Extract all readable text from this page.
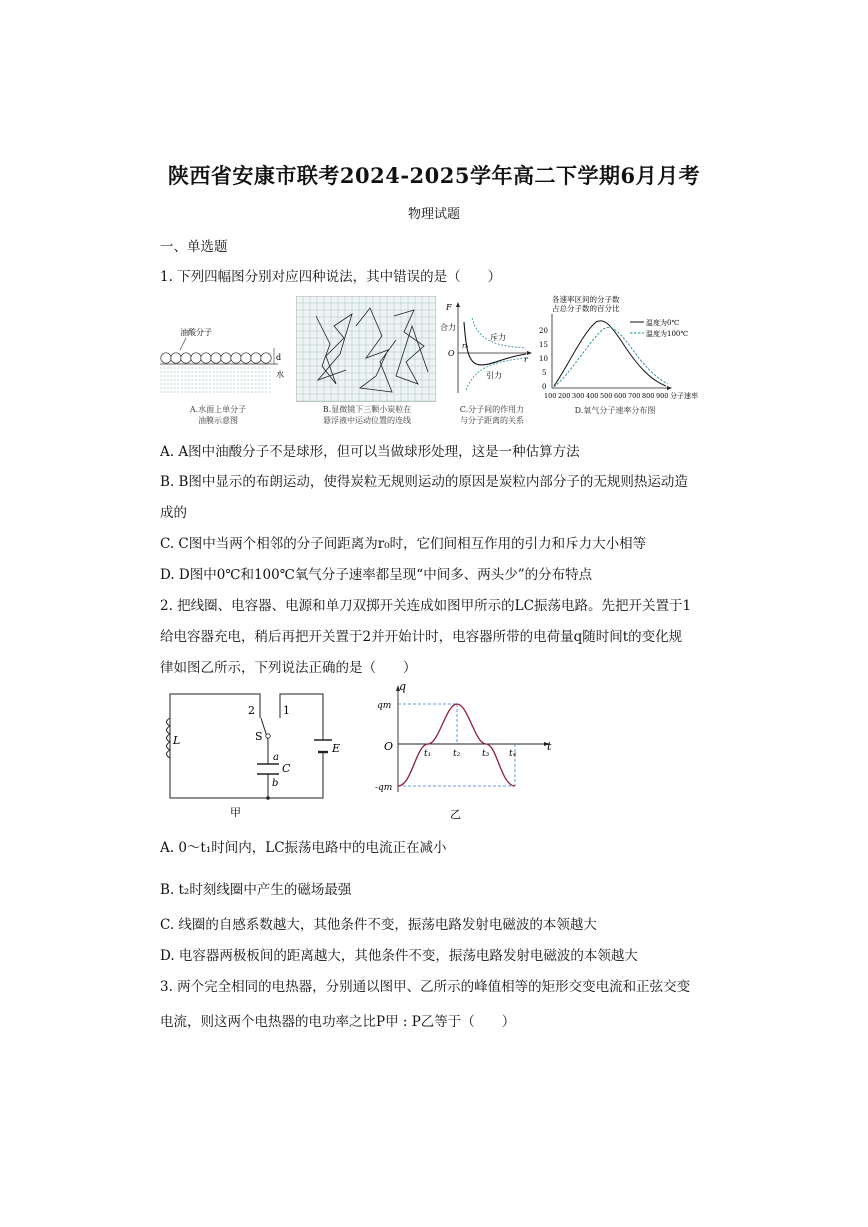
陕西省安康市联考2024-2025学年高二下学期6月月考
物理试题
一、单选题
1. 下列四幅图分别对应四种说法，其中错误的是（　　）
油酸分子
d
水
A.水面上单分子
油膜示意图
B.显微镜下三颗小炭粒在
悬浮液中运动位置的连线
F
合力
斥力
O
r₀
r
引力
C.分子间的作用力
与分子距离的关系
各速率区间的分子数
占总分子数的百分比
20
15
10
5
0
100 200 300 400 500 600 700 800 900 分子速率
温度为0℃
温度为100℃
D.氧气分子速率分布图
A. A图中油酸分子不是球形，但可以当做球形处理，这是一种估算方法
B. B图中显示的布朗运动，使得炭粒无规则运动的原因是炭粒内部分子的无规则热运动造
成的
C. C图中当两个相邻的分子间距离为r₀时，它们间相互作用的引力和斥力大小相等
D. D图中0℃和100℃氧气分子速率都呈现“中间多、两头少”的分布特点
2. 把线圈、电容器、电源和单刀双掷开关连成如图甲所示的LC振荡电路。先把开关置于1
给电容器充电，稍后再把开关置于2并开始计时，电容器所带的电荷量q随时间t的变化规
律如图乙所示，下列说法正确的是（　　）
2	1
L	S
a
C
b
E
甲
q
qm
-qm
O	t
t₁ t₂ t₃ t₄
乙
A. 0～t₁时间内，LC振荡电路中的电流正在减小
B. t₂时刻线圈中产生的磁场最强
C. 线圈的自感系数越大，其他条件不变，振荡电路发射电磁波的本领越大
D. 电容器两极板间的距离越大，其他条件不变，振荡电路发射电磁波的本领越大
3. 两个完全相同的电热器，分别通以图甲、乙所示的峰值相等的矩形交变电流和正弦交变
电流，则这两个电热器的电功率之比P甲 : P乙等于（　　）
